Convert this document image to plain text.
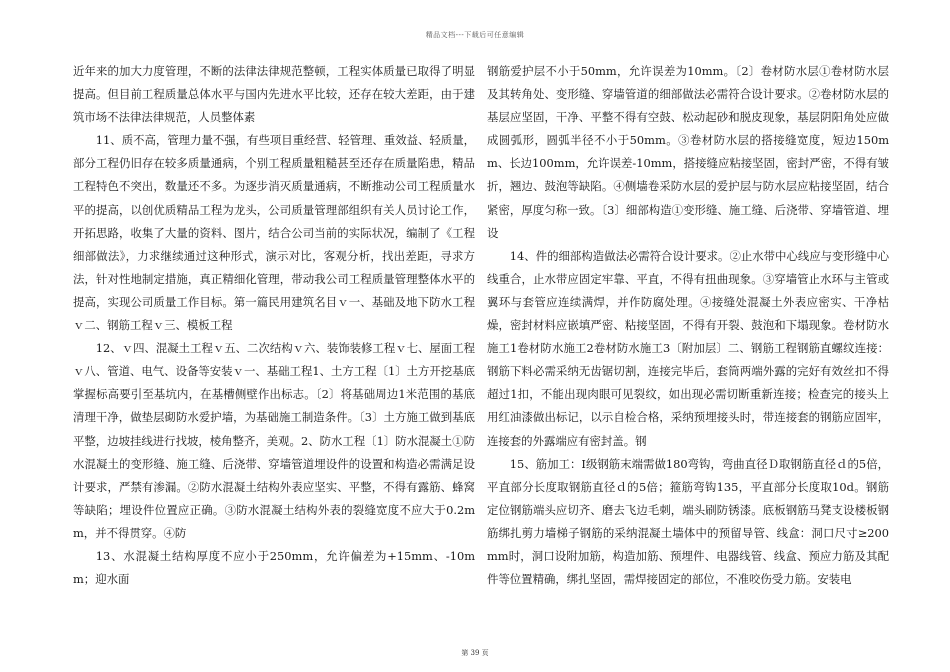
精品文档---下载后可任意编辑

近年来的加大力度管理，不断的法律法律规范整顿，工程实体质量已取得了明显提高。但目前工程质量总体水平与国内先进水平比较，还存在较大差距，由于建筑市场不法律法律规范，人员整体素

11、质不高，管理力量不强，有些项目重经营、轻管理、重效益、轻质量，部分工程仍旧存在较多质量通病，个别工程质量粗糙甚至还存在质量陷患，精品工程特色不突出，数量还不多。为逐步消灭质量通病，不断推动公司工程质量水平的提高，以创优质精品工程为龙头，公司质量管理部组织有关人员讨论工作，开拓思路，收集了大量的资料、图片，结合公司当前的实际状况，编制了《工程细部做法》，力求继续通过这种形式，演示对比，客观分析，找出差距，寻求方法，针对性地制定措施，真正精细化管理，带动我公司工程质量管理整体水平的提高，实现公司质量工作目标。第一篇民用建筑名目ｖ一、基础及地下防水工程ｖ二、钢筋工程ｖ三、模板工程

12、ｖ四、混凝土工程ｖ五、二次结构ｖ六、装饰装修工程ｖ七、屋面工程ｖ八、管道、电气、设备等安装ｖ一、基础工程1、土方工程〔1〕土方开挖基底掌握标高要引至基坑内，在基槽侧壁作出标志。〔2〕将基础周边1米范围的基底清理干净，做垫层砌防水爱护墙，为基础施工制造条件。〔3〕土方施工做到基底平整，边坡挂线进行找坡，棱角整齐，美观。2、防水工程〔1〕防水混凝土①防水混凝土的变形缝、施工缝、后浇带、穿墙管道埋设件的设置和构造必需满足设计要求，严禁有渗漏。②防水混凝土结构外表应坚实、平整，不得有露筋、蜂窝等缺陷；埋设件位置应正确。③防水混凝土结构外表的裂缝宽度不应大于0.2mm，并不得贯穿。④防

13、水混凝土结构厚度不应小于250mm，允许偏差为+15mm、-10mm；迎水面

钢筋爱护层不小于50mm，允许误差为10mm。〔2〕卷材防水层①卷材防水层及其转角处、变形缝、穿墙管道的细部做法必需符合设计要求。②卷材防水层的基层应坚固，干净、平整不得有空鼓、松动起砂和脱皮现象，基层阴阳角处应做成圆弧形，圆弧半径不小于50mm。③卷材防水层的搭接缝宽度，短边150mm、长边100mm，允许误差-10mm，搭接缝应粘接坚固，密封严密，不得有皱折，翘边、鼓泡等缺陷。④侧墙卷采防水层的爱护层与防水层应粘接坚固，结合紧密，厚度匀称一致。〔3〕细部构造①变形缝、施工缝、后浇带、穿墙管道、埋设

14、件的细部构造做法必需符合设计要求。②止水带中心线应与变形缝中心线重合，止水带应固定牢靠、平直，不得有扭曲现象。③穿墙管止水环与主管或翼环与套管应连续满焊，并作防腐处理。④接缝处混凝土外表应密实、干净枯燥，密封材料应嵌填严密、粘接坚固，不得有开裂、鼓泡和下塌现象。卷材防水施工1卷材防水施工2卷材防水施工3〔附加层〕二、钢筋工程钢筋直螺纹连接：钢筋下料必需采纳无齿锯切割，连接完毕后，套筒两端外露的完好有效丝扣不得超过1扣，不能出现肉眼可见裂纹，如出现必需切断重新连接；检查完的接头上用红油漆做出标记，以示自检合格，采纳预埋接头时，带连接套的钢筋应固牢，连接套的外露端应有密封盖。钢

15、筋加工：Ⅰ级钢筋末端需做180弯钩，弯曲直径Ｄ取钢筋直径ｄ的5倍，平直部分长度取钢筋直径ｄ的5倍；箍筋弯钩135，平直部分长度取10d。钢筋定位钢筋端头应切齐、磨去飞边毛刺，端头刷防锈漆。底板钢筋马凳支设楼板钢筋绑扎剪力墙梯子钢筋的采纳混凝土墙体中的预留导管、线盒：洞口尺寸≥200mm时，洞口设附加筋，构造加筋、预埋件、电器线管、线盒、预应力筋及其配件等位置精确，绑扎坚固，需焊接固定的部位，不准咬伤受力筋。安装电

第 39 页
